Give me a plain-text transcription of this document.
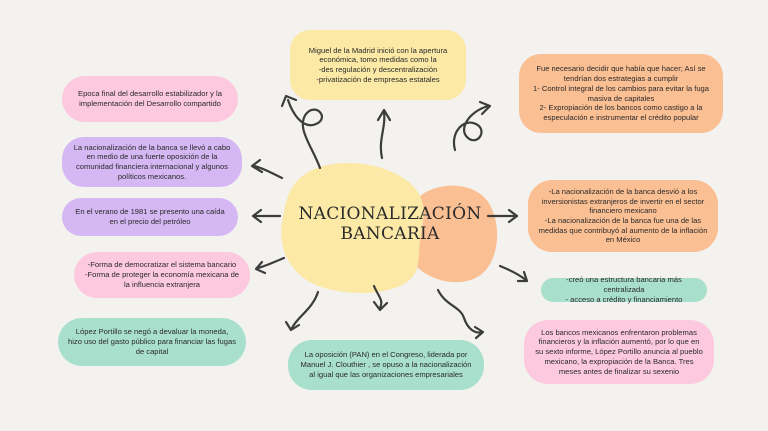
NACIONALIZACIÓN
BANCARIA
Miguel de la Madrid inició con la apertura económica, tomo medidas como la
-des regulación y descentralización
-privatización de empresas estatales
Fue necesario decidir que había que hacer; Así se tendrían dos estrategias a cumplir
1- Control integral de los cambios para evitar la fuga masiva de capitales
2- Expropiación de los bancos como castigo a la especulación e instrumentar el crédito popular
Epoca final del desarrollo estabilizador y la implementación del Desarrollo compartido
La nacionalización de la banca se llevó a cabo en medio de una fuerte oposición de la comunidad financiera internacional y algunos políticos mexicanos.
En el verano de 1981 se presento una caída en el precio del petróleo
-Forma de democratizar el sistema bancario
-Forma de proteger la economía mexicana de la influencia extranjera
López Portillo se negó a devaluar la moneda, hizo uso del gasto público para financiar las fugas de capital	La oposición (PAN) en el Congreso, liderada por Manuel J. Clouthier , se opuso a la nacionalización al igual que las organizaciones empresariales
-La nacionalización de la banca desvió a los inversionistas extranjeros de invertir en el sector financiero mexicano
-La nacionalización de la banca fue una de las medidas que contribuyó al aumento de la inflación en México
-creó una estructura bancaria más centralizada
- acceso a crédito y financiamiento
Los bancos mexicanos enfrentaron problemas financieros y la inflación aumentó, por lo que en su sexto informe, López Portillo anuncia al pueblo mexicano, la expropiación de la Banca. Tres meses antes de finalizar su sexenio
